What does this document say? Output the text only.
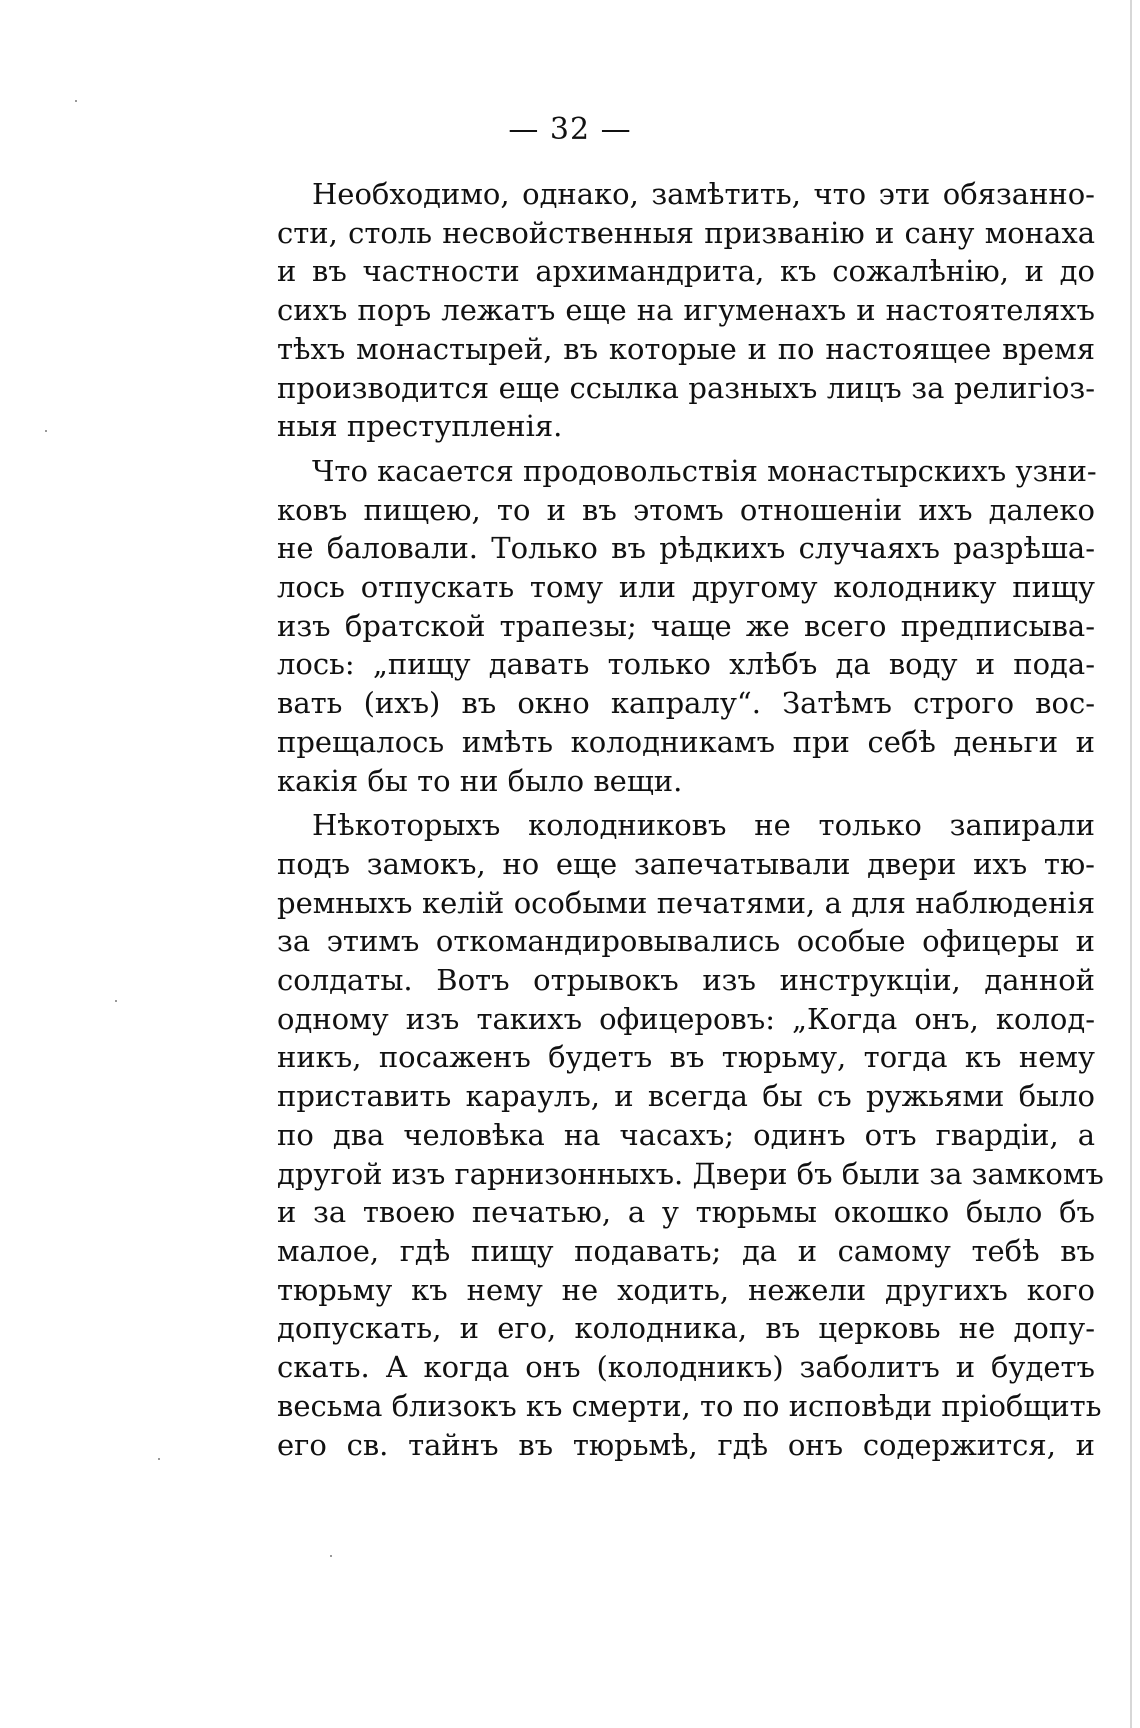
— 32 —
Необходимо, однако, замѣтить, что эти обязанно-
сти, столь несвойственныя призванію и сану монаха
и въ частности архимандрита, къ сожалѣнію, и до
сихъ поръ лежатъ еще на игуменахъ и настоятеляхъ
тѣхъ монастырей, въ которые и по настоящее время
производится еще ссылка разныхъ лицъ за религіоз-
ныя преступленія.
Что касается продовольствія монастырскихъ узни-
ковъ пищею, то и въ этомъ отношеніи ихъ далеко
не баловали. Только въ рѣдкихъ случаяхъ разрѣша-
лось отпускать тому или другому колоднику пищу
изъ братской трапезы; чаще же всего предписыва-
лось: „пищу давать только хлѣбъ да воду и пода-
вать (ихъ) въ окно капралу“. Затѣмъ строго вос-
прещалось имѣть колодникамъ при себѣ деньги и
какія бы то ни было вещи.
Нѣкоторыхъ колодниковъ не только запирали
подъ замокъ, но еще запечатывали двери ихъ тю-
ремныхъ келій особыми печатями, а для наблюденія
за этимъ откомандировывались особые офицеры и
солдаты. Вотъ отрывокъ изъ инструкціи, данной
одному изъ такихъ офицеровъ: „Когда онъ, колод-
никъ, посаженъ будетъ въ тюрьму, тогда къ нему
приставить караулъ, и всегда бы съ ружьями было
по два человѣка на часахъ; одинъ отъ гвардіи, а
другой изъ гарнизонныхъ. Двери бъ были за замкомъ
и за твоею печатью, а у тюрьмы окошко было бъ
малое, гдѣ пищу подавать; да и самому тебѣ въ
тюрьму къ нему не ходить, нежели другихъ кого
допускать, и его, колодника, въ церковь не допу-
скать. А когда онъ (колодникъ) заболитъ и будетъ
весьма близокъ къ смерти, то по исповѣди пріобщить
его св. тайнъ въ тюрьмѣ, гдѣ онъ содержится, и
